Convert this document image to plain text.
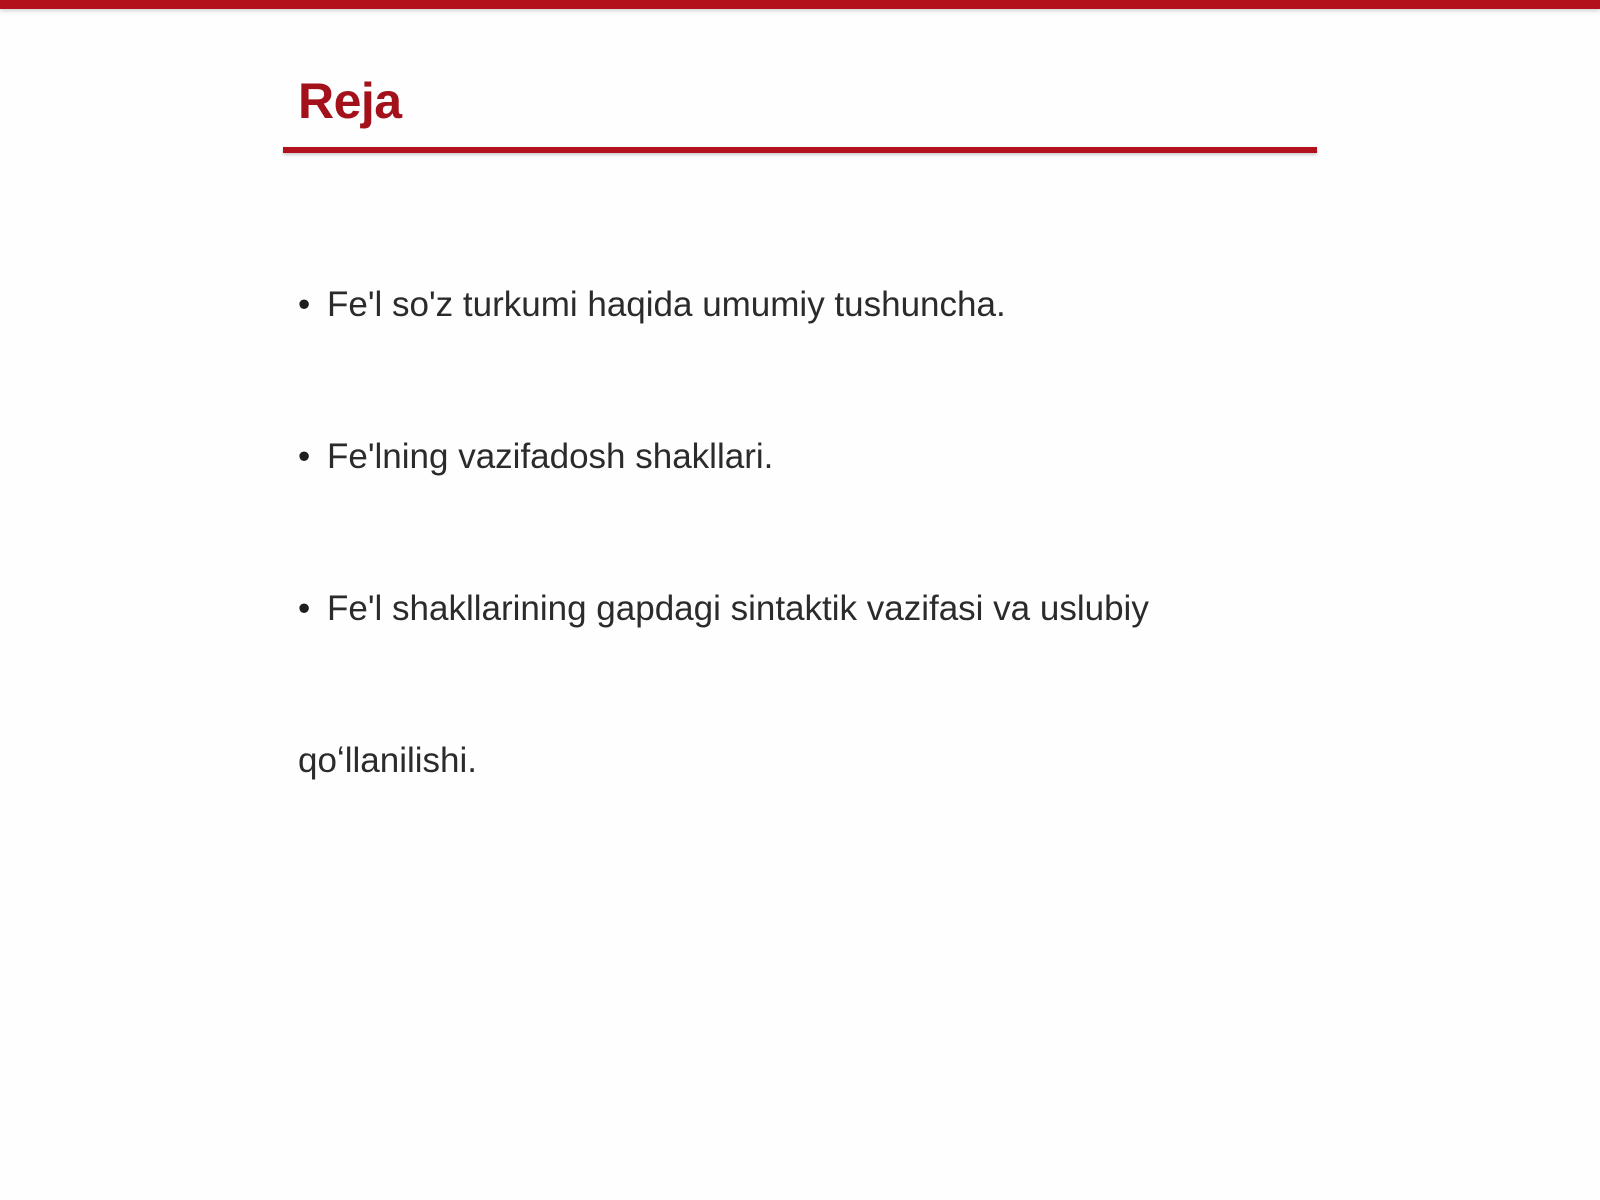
Reja
• Fe'l so'z turkumi haqida umumiy tushuncha.
• Fe'lning vazifadosh shakllari.
• Fe'l shakllarining gapdagi sintaktik vazifasi va uslubiy
qoʻllanilishi.
